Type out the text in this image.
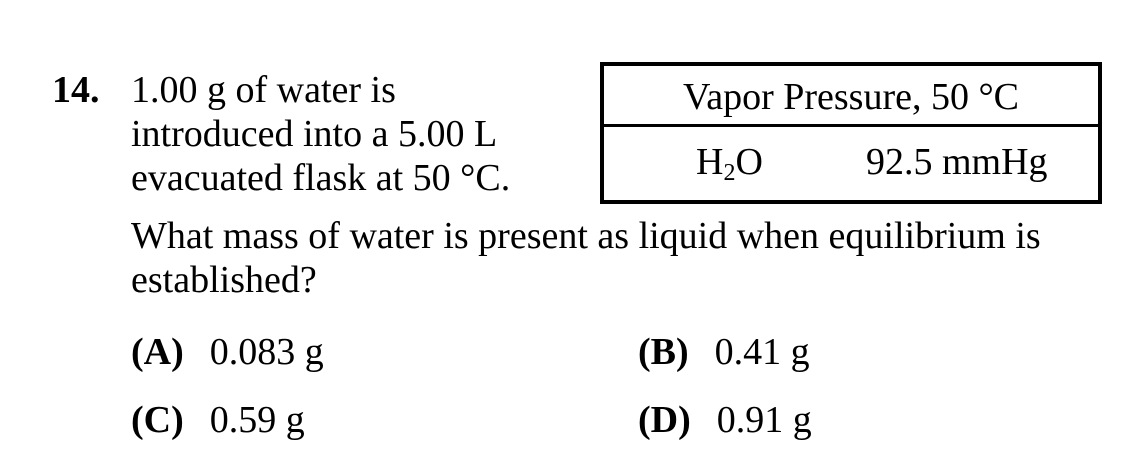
14. 1.00 g of water is
introduced into a 5.00 L
evacuated flask at 50 °C.
Vapor Pressure, 50 °C
$H_2O$	92.5 mmHg
What mass of water is present as liquid when equilibrium is established?
(A) 0.083 g	(B) 0.41 g
(C) 0.59 g	(D) 0.91 g
